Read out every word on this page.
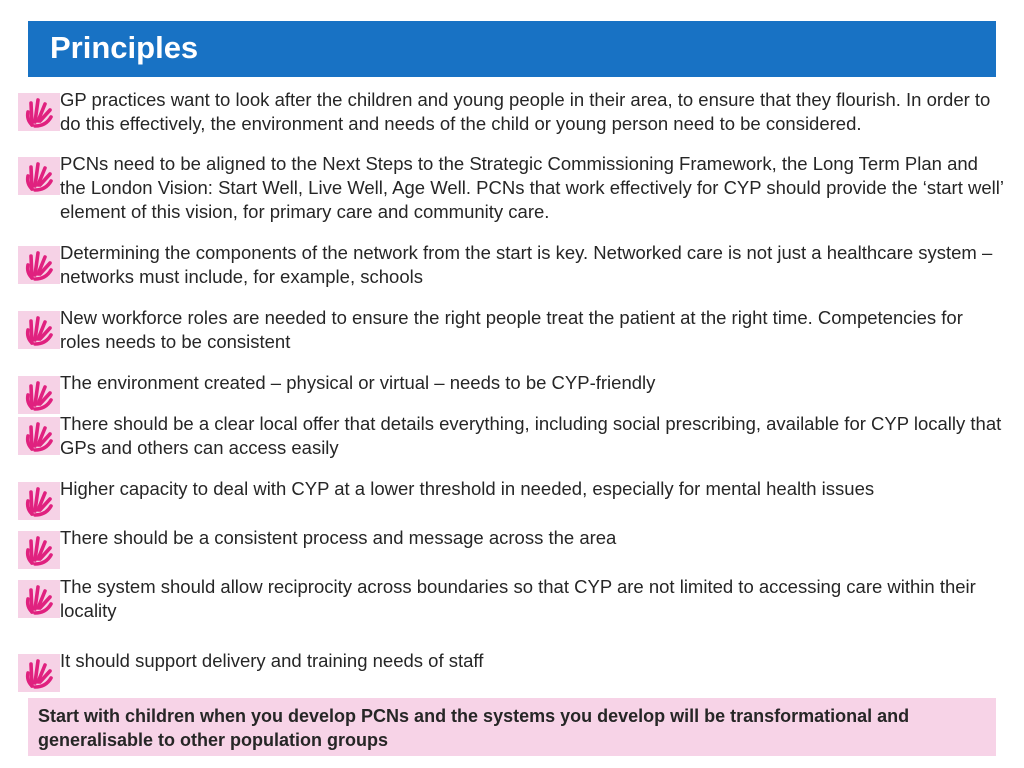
Principles
GP practices want to look after the children and young people in their area, to ensure that they flourish. In order to do this effectively, the environment and needs of the child or young person need to be considered.
PCNs need to be aligned to the Next Steps to the Strategic Commissioning Framework, the Long Term Plan and the London Vision: Start Well, Live Well, Age Well. PCNs that work effectively for CYP should provide the ‘start well’ element of this vision, for primary care and community care.
Determining the components of the network from the start is key. Networked care is not just a healthcare system – networks must include, for example, schools
New workforce roles are needed to ensure the right people treat the patient at the right time. Competencies for roles needs to be consistent
The environment created – physical or virtual – needs to be CYP-friendly
There should be a clear local offer that details everything, including social prescribing, available for CYP locally that GPs and others can access easily
Higher capacity to deal with CYP at a lower threshold in needed, especially for mental health issues
There should be a consistent process and message across the area
The system should allow reciprocity across boundaries so that CYP are not limited to accessing care within their locality
It should support delivery and training needs of staff
Start with children when you develop PCNs and the systems you develop will be transformational and generalisable to other population groups
